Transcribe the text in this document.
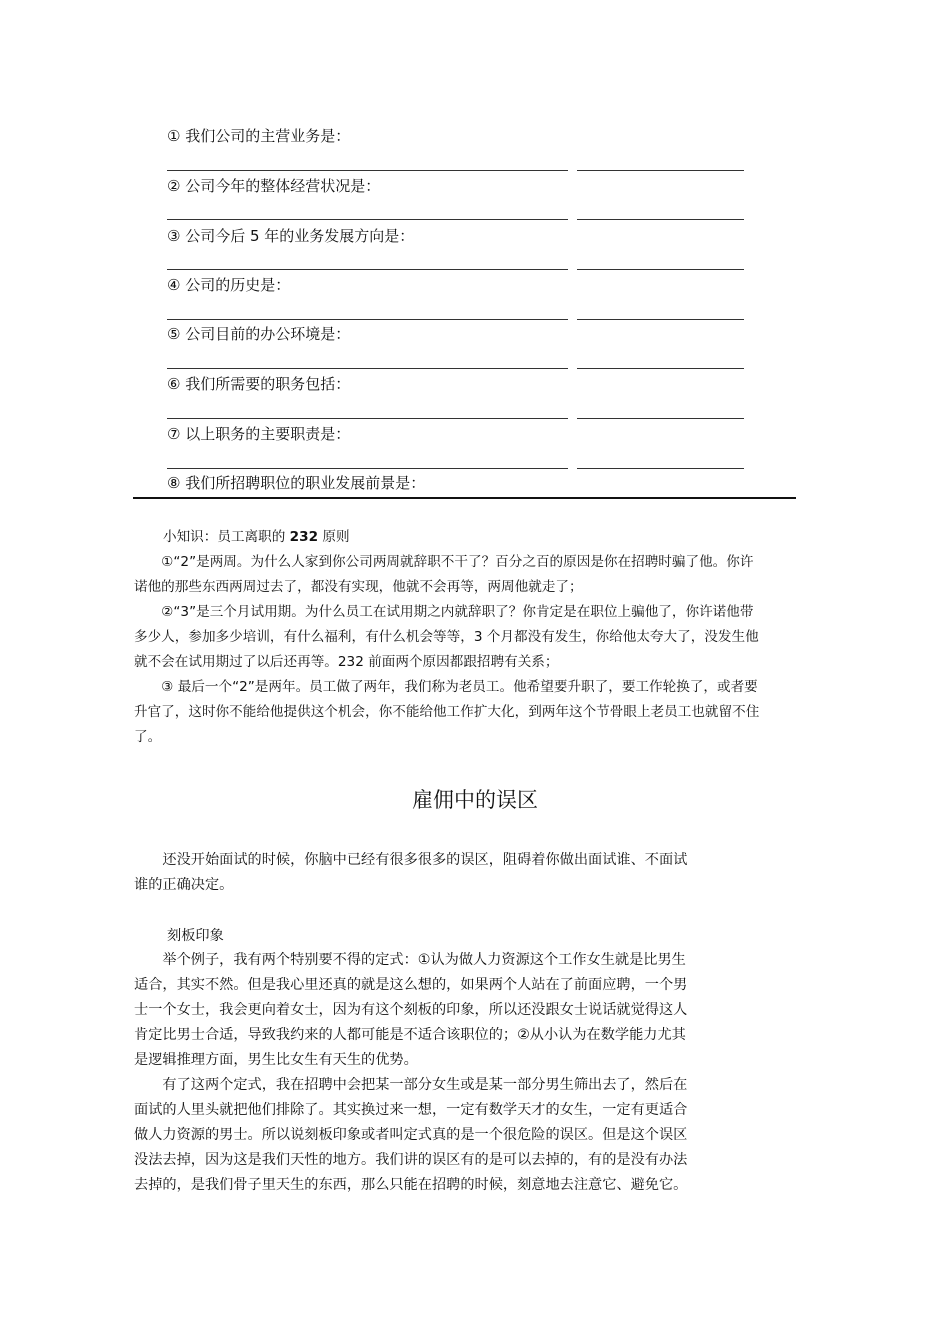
① 我们公司的主营业务是：
② 公司今年的整体经营状况是：
③ 公司今后 5 年的业务发展方向是：
④ 公司的历史是：
⑤ 公司目前的办公环境是：
⑥ 我们所需要的职务包括：
⑦ 以上职务的主要职责是：
⑧ 我们所招聘职位的职业发展前景是：
小知识：员工离职的 232 原则
　　①“2”是两周。为什么人家到你公司两周就辞职不干了？百分之百的原因是你在招聘时骗了他。你许
诺他的那些东西两周过去了，都没有实现，他就不会再等，两周他就走了；
　　②“3”是三个月试用期。为什么员工在试用期之内就辞职了？你肯定是在职位上骗他了，你许诺他带
多少人，参加多少培训，有什么福利，有什么机会等等，3 个月都没有发生，你给他太夸大了，没发生他
就不会在试用期过了以后还再等。232 前面两个原因都跟招聘有关系；
　　③ 最后一个“2”是两年。员工做了两年，我们称为老员工。他希望要升职了，要工作轮换了，或者要
升官了，这时你不能给他提供这个机会，你不能给他工作扩大化，到两年这个节骨眼上老员工也就留不住
了。
雇佣中的误区
　　还没开始面试的时候，你脑中已经有很多很多的误区，阻碍着你做出面试谁、不面试
谁的正确决定。
刻板印象
　　举个例子，我有两个特别要不得的定式：①认为做人力资源这个工作女生就是比男生
适合，其实不然。但是我心里还真的就是这么想的，如果两个人站在了前面应聘，一个男
士一个女士，我会更向着女士，因为有这个刻板的印象，所以还没跟女士说话就觉得这人
肯定比男士合适，导致我约来的人都可能是不适合该职位的；②从小认为在数学能力尤其
是逻辑推理方面，男生比女生有天生的优势。
　　有了这两个定式，我在招聘中会把某一部分女生或是某一部分男生筛出去了，然后在
面试的人里头就把他们排除了。其实换过来一想，一定有数学天才的女生，一定有更适合
做人力资源的男士。所以说刻板印象或者叫定式真的是一个很危险的误区。但是这个误区
没法去掉，因为这是我们天性的地方。我们讲的误区有的是可以去掉的，有的是没有办法
去掉的，是我们骨子里天生的东西，那么只能在招聘的时候，刻意地去注意它、避免它。
